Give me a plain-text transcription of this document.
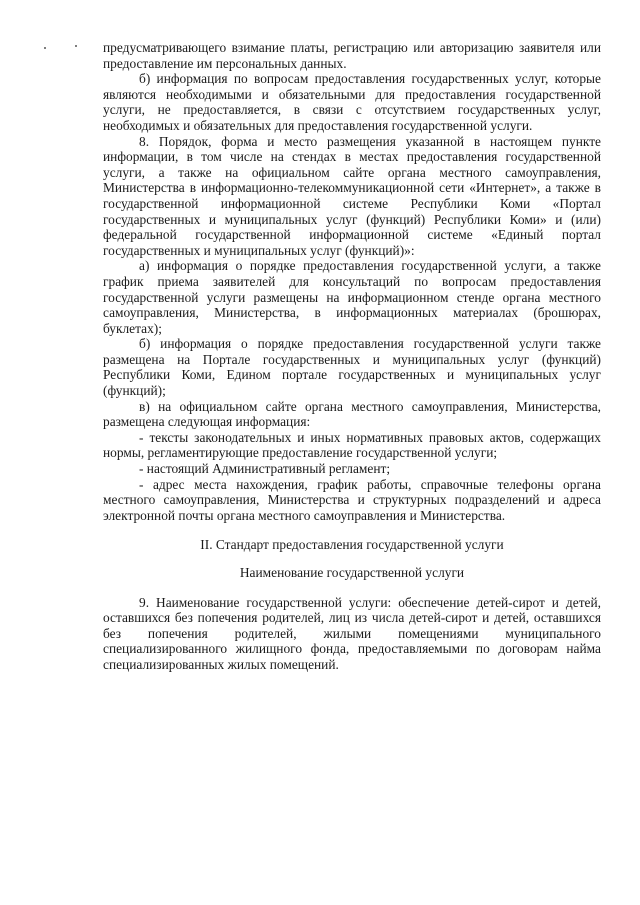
предусматривающего взимание платы, регистрацию или авторизацию заявителя или предоставление им персональных данных.

б) информация по вопросам предоставления государственных услуг, которые являются необходимыми и обязательными для предоставления государственной услуги, не предоставляется, в связи с отсутствием государственных услуг, необходимых и обязательных для предоставления государственной услуги.

8. Порядок, форма и место размещения указанной в настоящем пункте информации, в том числе на стендах в местах предоставления государственной услуги, а также на официальном сайте органа местного самоуправления, Министерства в информационно-телекоммуникационной сети «Интернет», а также в государственной информационной системе Республики Коми «Портал государственных и муниципальных услуг (функций) Республики Коми» и (или) федеральной государственной информационной системе «Единый портал государственных и муниципальных услуг (функций)»:

а) информация о порядке предоставления государственной услуги, а также график приема заявителей для консультаций по вопросам предоставления государственной услуги размещены на информационном стенде органа местного самоуправления, Министерства, в информационных материалах (брошюрах, буклетах);

б) информация о порядке предоставления государственной услуги также размещена на Портале государственных и муниципальных услуг (функций) Республики Коми, Едином портале государственных и муниципальных услуг (функций);

в) на официальном сайте органа местного самоуправления, Министерства, размещена следующая информация:

- тексты законодательных и иных нормативных правовых актов, содержащих нормы, регламентирующие предоставление государственной услуги;

- настоящий Административный регламент;

- адрес места нахождения, график работы, справочные телефоны органа местного самоуправления, Министерства и структурных подразделений и адреса электронной почты органа местного самоуправления и Министерства.

II. Стандарт предоставления государственной услуги

Наименование государственной услуги

9. Наименование государственной услуги: обеспечение детей-сирот и детей, оставшихся без попечения родителей, лиц из числа детей-сирот и детей, оставшихся без попечения родителей, жилыми помещениями муниципального специализированного жилищного фонда, предоставляемыми по договорам найма специализированных жилых помещений.
